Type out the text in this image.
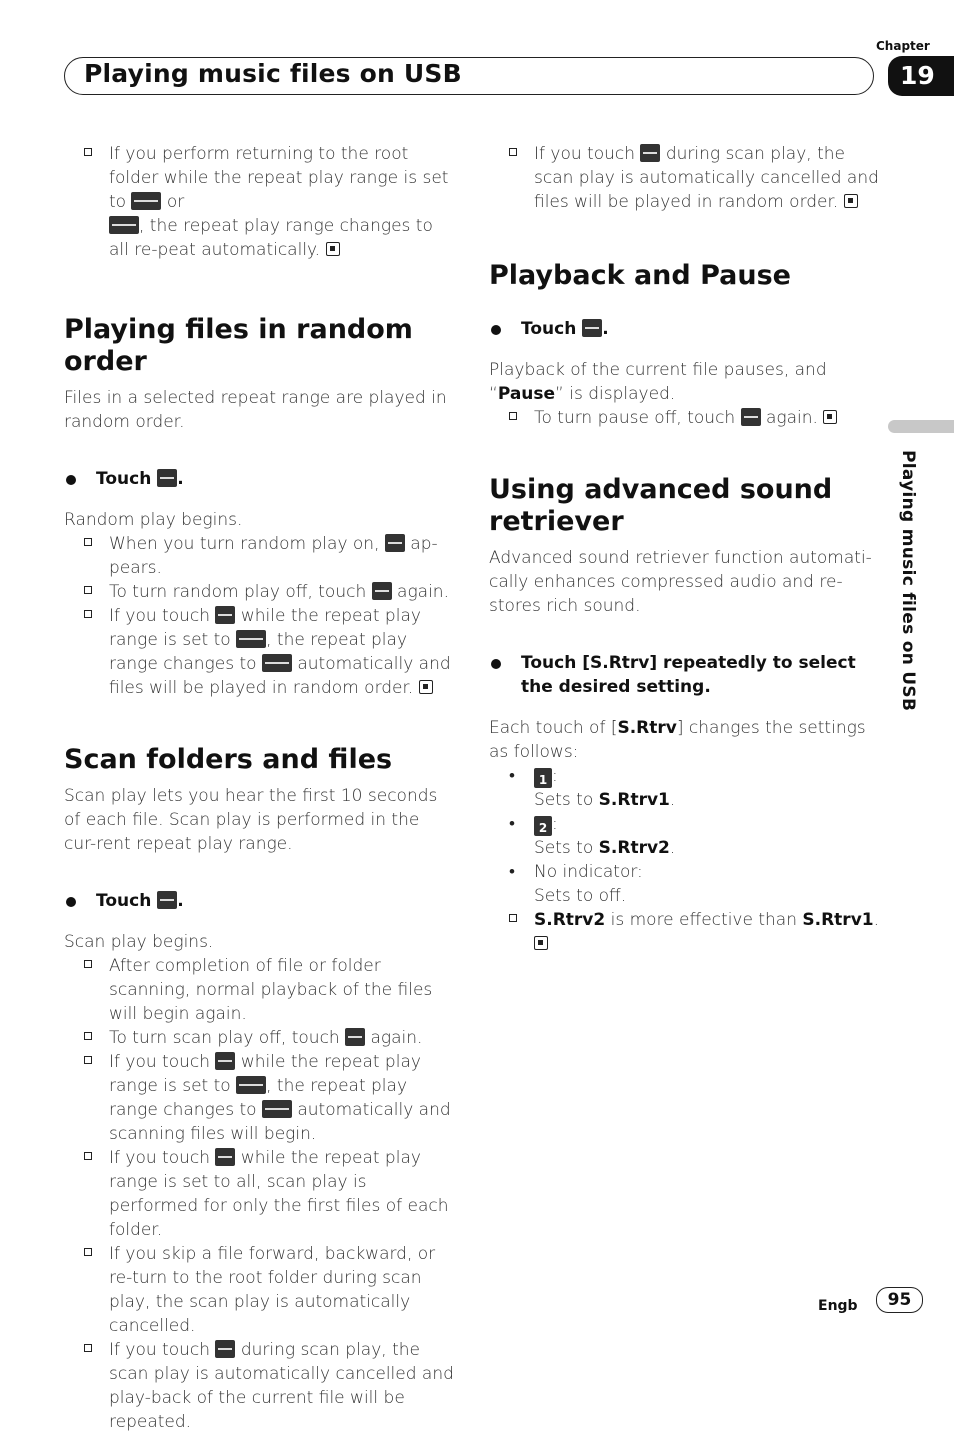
Playing music files on USB
Chapter
19
Playing music files on USB

If you perform returning to the root folder while the repeat play range is set to or
, the repeat play range changes to all re-peat automatically.

Playing files in random order

Files in a selected repeat range are played in random order.

Touch .

Random play begins.

When you turn random play on, ap-pears.

To turn random play off, touch again.

If you touch while the repeat play range is set to , the repeat play range changes to automatically and files will be played in random order.

Scan folders and files

Scan play lets you hear the first 10 seconds of each file. Scan play is performed in the cur-rent repeat play range.

Touch .

Scan play begins.

After completion of file or folder scanning, normal playback of the files will begin again.

To turn scan play off, touch again.

If you touch while the repeat play range is set to , the repeat play range changes to automatically and scanning files will begin.

If you touch while the repeat play range is set to all, scan play is performed for only the first files of each folder.

If you skip a file forward, backward, or re-turn to the root folder during scan play, the scan play is automatically cancelled.

If you touch during scan play, the scan play is automatically cancelled and play-back of the current file will be repeated.

If you touch during scan play, the scan play is automatically cancelled and files will be played in random order.

Playback and Pause

Touch .

Playback of the current file pauses, and “Pause” is displayed.

To turn pause off, touch again.

Using advanced sound retriever

Advanced sound retriever function automati-cally enhances compressed audio and re-stores rich sound.

Touch [S.Rtrv] repeatedly to select the desired setting.

Each touch of [S.Rtrv] changes the settings as follows:

• 1 :

Sets to S.Rtrv1.

• 2 :

Sets to S.Rtrv2.

• No indicator:

Sets to off.

S.Rtrv2 is more effective than S.Rtrv1.

Engb	95
